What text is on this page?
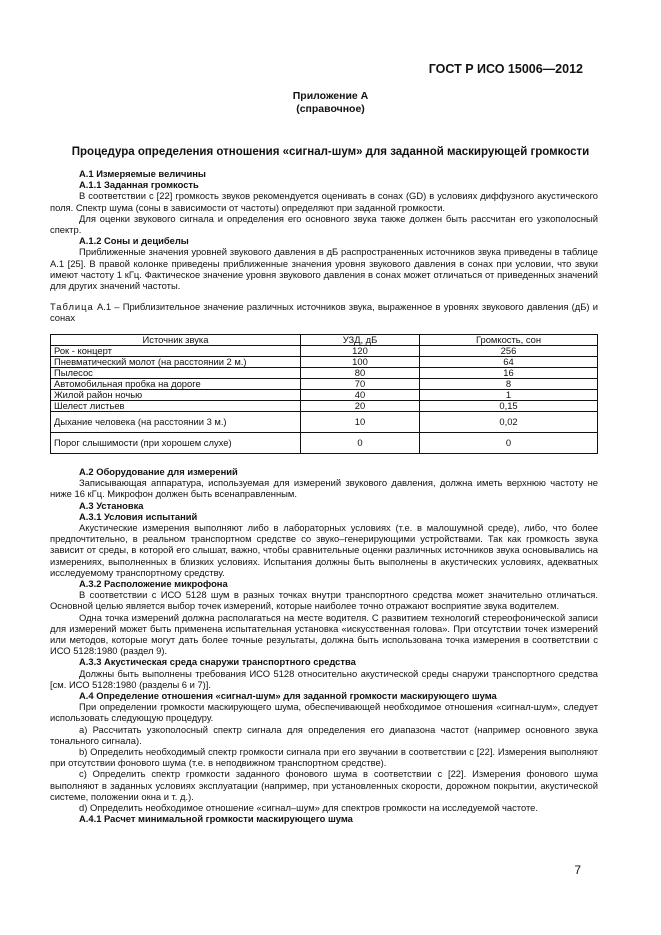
ГОСТ Р ИСО 15006—2012
Приложение А
(справочное)
Процедура определения отношения «сигнал-шум» для заданной маскирующей громкости
А.1 Измеряемые величины
А.1.1 Заданная громкость

В соответствии с [22] громкость звуков рекомендуется оценивать в сонах (GD) в условиях диффузного акустического поля. Спектр шума (соны в зависимости от частоты) определяют при заданной громкости.

Для оценки звукового сигнала и определения его основного звука также должен быть рассчитан его узкополосный спектр.

А.1.2 Соны и децибелы

Приближенные значения уровней звукового давления в дБ распространенных источников звука приведены в таблице А.1 [25]. В правой колонке приведены приближенные значения уровня звукового давления в сонах при условии, что звуки имеют частоту 1 кГц. Фактическое значение уровня звукового давления в сонах может отличаться от приведенных значений для других значений частоты.

Таблица А.1 – Приблизительное значение различных источников звука, выраженное в уровнях звукового давления (дБ) и сонах

Источник звука	УЗД, дБ	Громкость, сон
Рок - концерт	120	256
Пневматический молот (на расстоянии 2 м.)	100	64
Пылесос	80	16
Автомобильная пробка на дороге	70	8
Жилой район ночью	40	1
Шелест листьев	20	0,15
Дыхание человека (на расстоянии 3 м.)	10	0,02
Порог слышимости (при хорошем слухе)	0	0
А.2 Оборудование для измерений

Записывающая аппаратура, используемая для измерений звукового давления, должна иметь верхнюю частоту не ниже 16 кГц. Микрофон должен быть всенаправленным.

А.3 Установка
А.3.1 Условия испытаний

Акустические измерения выполняют либо в лабораторных условиях (т.е. в малошумной среде), либо, что более предпочтительно, в реальном транспортном средстве со звуко–генерирующими устройствами. Так как громкость звука зависит от среды, в которой его слышат, важно, чтобы сравнительные оценки различных источников звука основывались на измерениях, выполненных в близких условиях. Испытания должны быть выполнены в акустических условиях, адекватных исследуемому транспортному средству.

А.3.2 Расположение микрофона

В соответствии с ИСО 5128 шум в разных точках внутри транспортного средства может значительно отличаться. Основной целью является выбор точек измерений, которые наиболее точно отражают восприятие звука водителем.

Одна точка измерений должна располагаться на месте водителя. С развитием технологий стереофонической записи для измерений может быть применена испытательная установка «искусственная голова». При отсутствии точек измерений или методов, которые могут дать более точные результаты, должна быть использована точка измерения в соответствии с

ИСО 5128:1980 (раздел 9).

А.3.3 Акустическая среда снаружи транспортного средства

Должны быть выполнены требования ИСО 5128 относительно акустической среды снаружи транспортного средства [см. ИСО 5128:1980 (разделы 6 и 7)].

А.4 Определение отношения «сигнал-шум» для заданной громкости маскирующего шума

При определении громкости маскирующего шума, обеспечивающей необходимое отношения «сигнал-шум», следует использовать следующую процедуру.

a) Рассчитать узкополосный спектр сигнала для определения его диапазона частот (например основного звука тонального сигнала).

b) Определить необходимый спектр громкости сигнала при его звучании в соответствии с [22]. Измерения выполняют при отсутствии фонового шума (т.е. в неподвижном транспортном средстве).

c) Определить спектр громкости заданного фонового шума в соответствии с [22]. Измерения фонового шума выполняют в заданных условиях эксплуатации (например, при установленных скорости, дорожном покрытии, акустической системе, положении окна и т. д.).

d) Определить необходимое отношение «сигнал–шум» для спектров громкости на исследуемой частоте.

А.4.1 Расчет минимальной громкости маскирующего шума
7
